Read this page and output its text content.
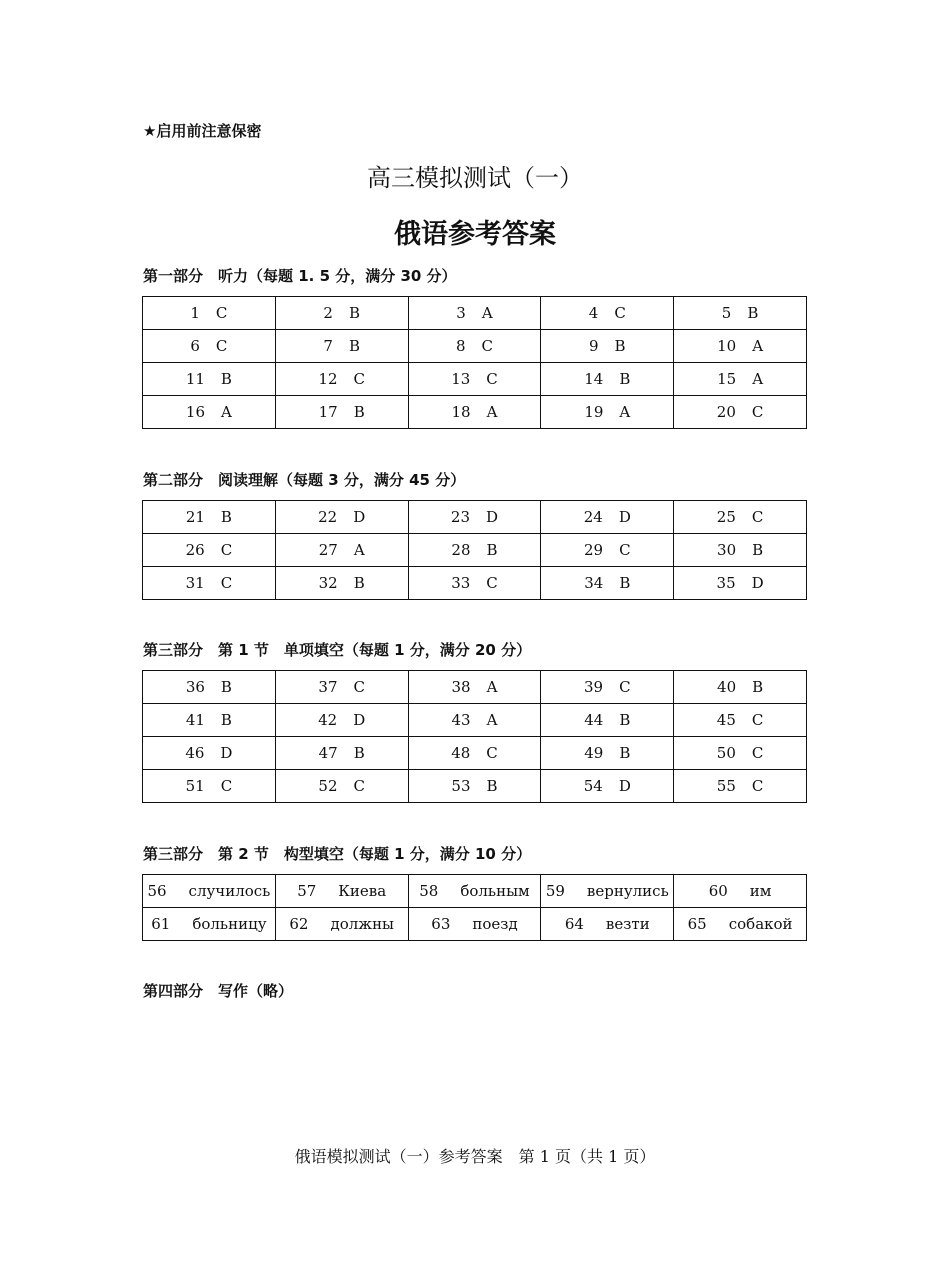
★启用前注意保密
高三模拟测试（一）
俄语参考答案
第一部分　听力（每题 1. 5 分，满分 30 分）
1 C	2 B	3 A	4 C	5 B
6 C	7 B	8 C	9 B	10 A
11 B	12 C	13 C	14 B	15 A
16 A	17 B	18 A	19 A	20 C
第二部分　阅读理解（每题 3 分，满分 45 分）
21 B	22 D	23 D	24 D	25 C
26 C	27 A	28 B	29 C	30 B
31 C	32 B	33 C	34 B	35 D
第三部分　第 1 节　单项填空（每题 1 分，满分 20 分）
36 B	37 C	38 A	39 C	40 B
41 B	42 D	43 A	44 B	45 C
46 D	47 B	48 C	49 B	50 C
51 C	52 C	53 B	54 D	55 C
第三部分　第 2 节　构型填空（每题 1 分，满分 10 分）
56 случилось	57 Киева	58 больным	59 вернулись	60 им
61 больницу	62 должны	63 поезд	64 везти	65 собакой
第四部分　写作（略）
俄语模拟测试（一）参考答案　第 1 页（共 1 页）
